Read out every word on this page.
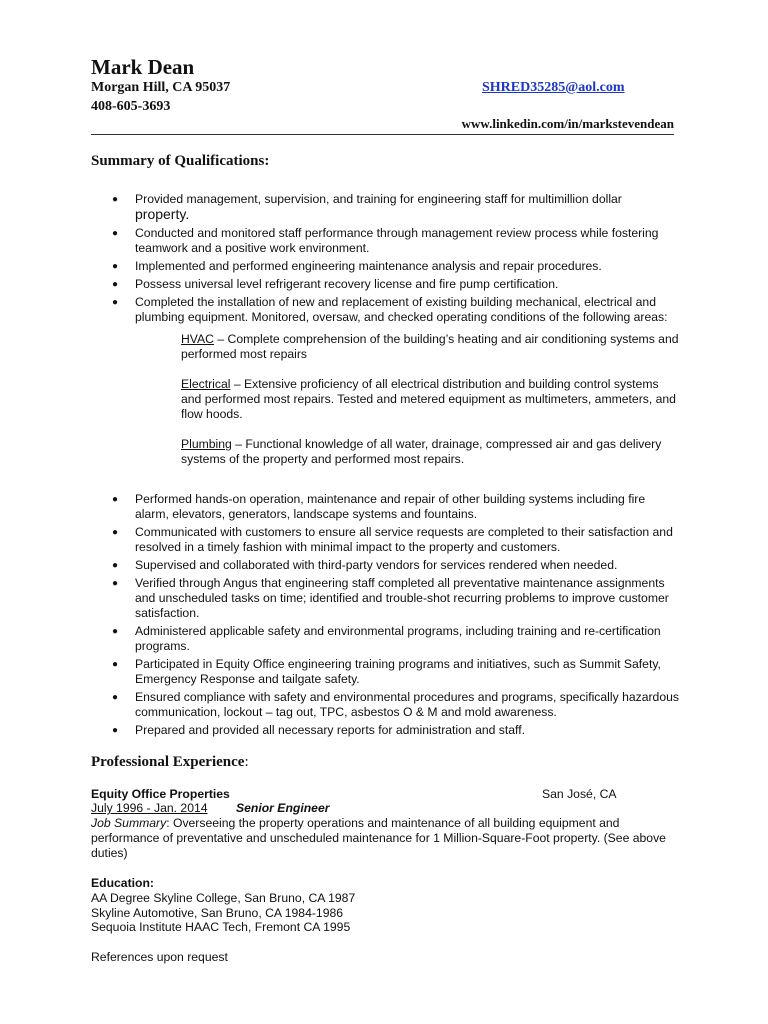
Mark Dean
Morgan Hill, CA 95037
408-605-3693
SHRED35285@aol.com
www.linkedin.com/in/markstevendean
Summary of Qualifications:
● Provided management, supervision, and training for engineering staff for multimillion dollar
property.
● Conducted and monitored staff performance through management review process while fostering teamwork and a positive work environment.
● Implemented and performed engineering maintenance analysis and repair procedures.
● Possess universal level refrigerant recovery license and fire pump certification.
● Completed the installation of new and replacement of existing building mechanical, electrical and plumbing equipment. Monitored, oversaw, and checked operating conditions of the following areas:
HVAC – Complete comprehension of the building’s heating and air conditioning systems and performed most repairs
Electrical – Extensive proficiency of all electrical distribution and building control systems and performed most repairs. Tested and metered equipment as multimeters, ammeters, and flow hoods.
Plumbing – Functional knowledge of all water, drainage, compressed air and gas delivery systems of the property and performed most repairs.
● Performed hands-on operation, maintenance and repair of other building systems including fire alarm, elevators, generators, landscape systems and fountains.
● Communicated with customers to ensure all service requests are completed to their satisfaction and resolved in a timely fashion with minimal impact to the property and customers.
● Supervised and collaborated with third-party vendors for services rendered when needed.
● Verified through Angus that engineering staff completed all preventative maintenance assignments and unscheduled tasks on time; identified and trouble-shot recurring problems to improve customer satisfaction.
● Administered applicable safety and environmental programs, including training and re-certification programs.
● Participated in Equity Office engineering training programs and initiatives, such as Summit Safety, Emergency Response and tailgate safety.
● Ensured compliance with safety and environmental procedures and programs, specifically hazardous communication, lockout – tag out, TPC, asbestos O & M and mold awareness.
● Prepared and provided all necessary reports for administration and staff.
Professional Experience:
Equity Office Properties	San José, CA
July 1996 - Jan. 2014 Senior Engineer
Job Summary: Overseeing the property operations and maintenance of all building equipment and performance of preventative and unscheduled maintenance for 1 Million-Square-Foot property. (See above duties)
Education:
AA Degree Skyline College, San Bruno, CA 1987
Skyline Automotive, San Bruno, CA 1984-1986
Sequoia Institute HAAC Tech, Fremont CA 1995
References upon request
